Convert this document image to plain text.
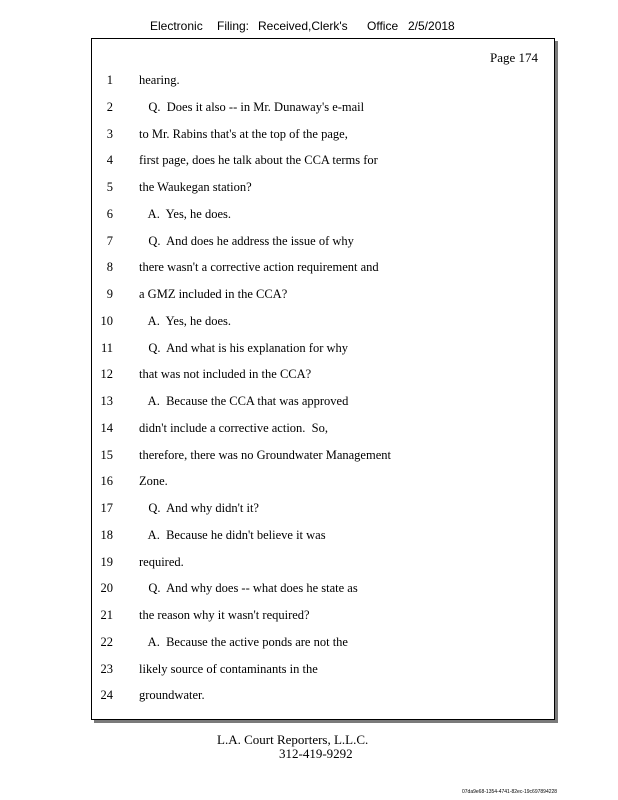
Electronic

Filing:

Received,Clerk's

Office

2/5/2018

Page 174
1 hearing.
2 Q.  Does it also -- in Mr. Dunaway's e-mail
3 to Mr. Rabins that's at the top of the page,
4 first page, does he talk about the CCA terms for
5 the Waukegan station?
6 A.  Yes, he does.
7 Q.  And does he address the issue of why
8 there wasn't a corrective action requirement and
9 a GMZ included in the CCA?
10 A.  Yes, he does.
11 Q.  And what is his explanation for why
12 that was not included in the CCA?
13 A.  Because the CCA that was approved
14 didn't include a corrective action.  So,
15 therefore, there was no Groundwater Management
16 Zone.
17 Q.  And why didn't it?
18 A.  Because he didn't believe it was
19 required.
20 Q.  And why does -- what does he state as
21 the reason why it wasn't required?
22 A.  Because the active ponds are not the
23 likely source of contaminants in the
24 groundwater.
L.A. Court Reporters, L.L.C.
312-419-9292
07da9e68-1354-4741-82ec-19c697894228
